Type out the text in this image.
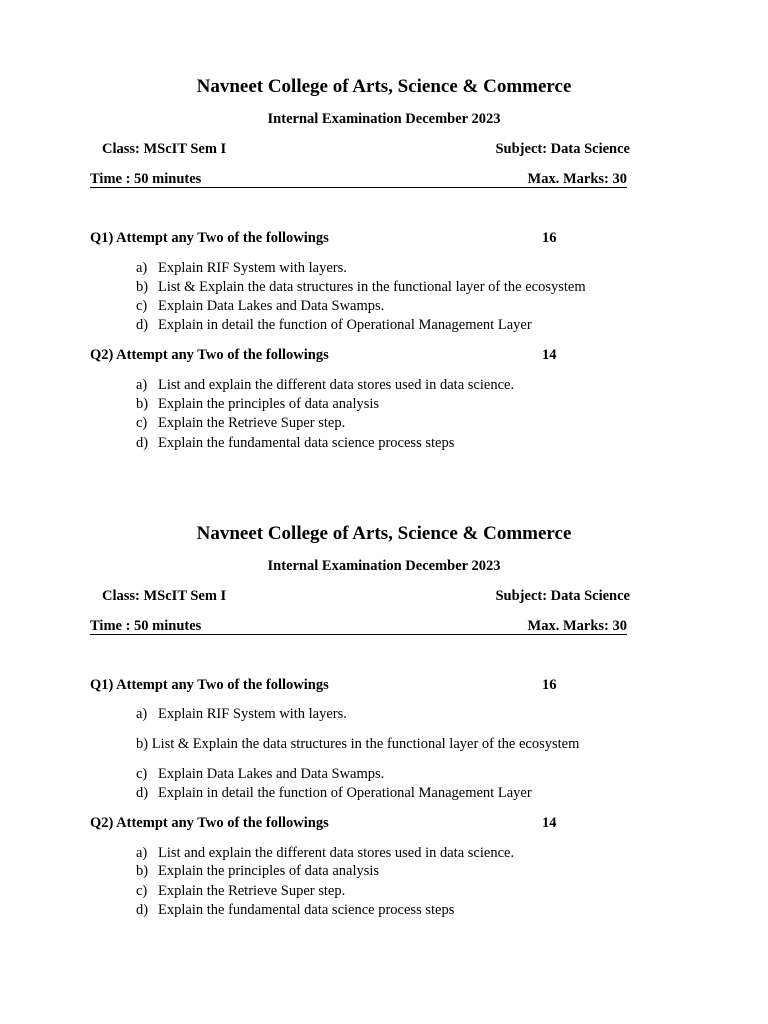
Navneet College of Arts, Science & Commerce
Internal Examination December 2023
Class: MScIT Sem I	Subject: Data Science
Time : 50 minutes	Max. Marks: 30
Q1) Attempt any Two of the followings	16
a) Explain RIF System with layers.
b) List & Explain the data structures in the functional layer of the ecosystem
c) Explain Data Lakes and Data Swamps.
d) Explain in detail the function of Operational Management Layer
Q2) Attempt any Two of the followings	14
a) List and explain the different data stores used in data science.
b) Explain the principles of data analysis
c) Explain the Retrieve Super step.
d) Explain the fundamental data science process steps
Navneet College of Arts, Science & Commerce
Internal Examination December 2023
Class: MScIT Sem I	Subject: Data Science
Time : 50 minutes	Max. Marks: 30
Q1) Attempt any Two of the followings	16
a) Explain RIF System with layers.
b) List & Explain the data structures in the functional layer of the ecosystem
c) Explain Data Lakes and Data Swamps.
d) Explain in detail the function of Operational Management Layer
Q2) Attempt any Two of the followings	14
a) List and explain the different data stores used in data science.
b) Explain the principles of data analysis
c) Explain the Retrieve Super step.
d) Explain the fundamental data science process steps
